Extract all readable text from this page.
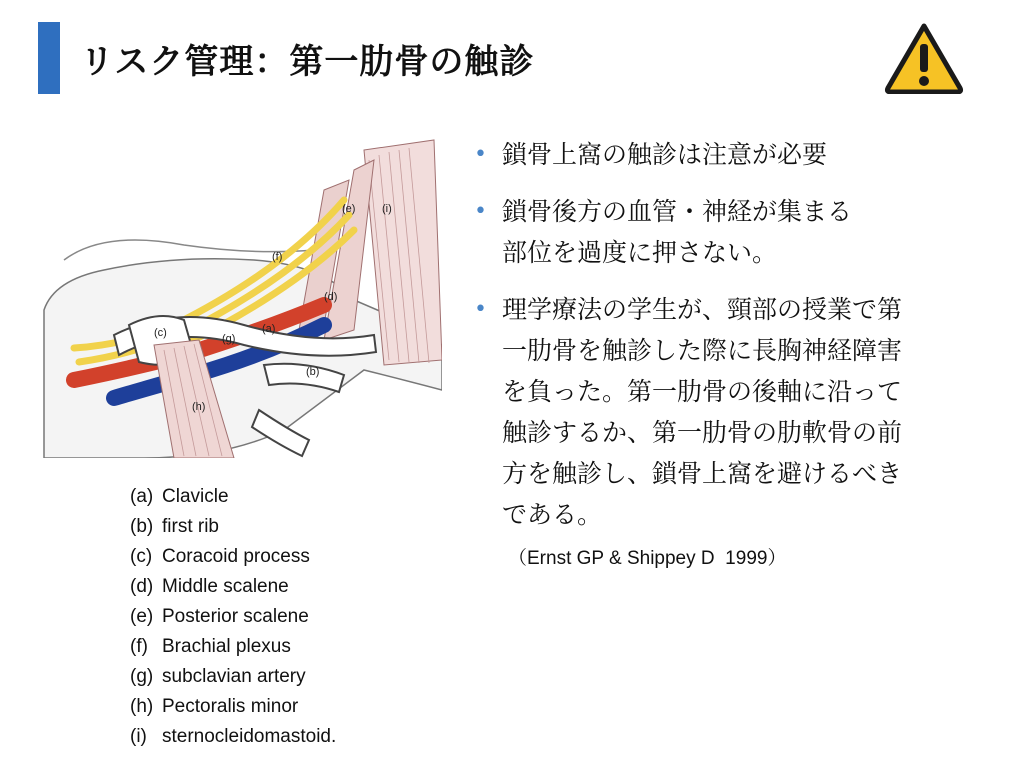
リスク管理：第一肋骨の触診
(e) (i)
(f)
(d)
(c)	(g)
(a)
(b)
(h)
(a) Clavicle
(b) first rib
(c) Coracoid process
(d) Middle scalene
(e) Posterior scalene
(f) Brachial plexus
(g) subclavian artery
(h) Pectoralis minor
(i) sternocleidomastoid.
• 鎖骨上窩の触診は注意が必要
• 鎖骨後方の血管・神経が集まる
部位を過度に押さない。
• 理学療法の学生が、頸部の授業で第
一肋骨を触診した際に長胸神経障害
を負った。第一肋骨の後軸に沿って
触診するか、第一肋骨の肋軟骨の前
方を触診し、鎖骨上窩を避けるべき
である。
（Ernst GP & Shippey D  1999）
